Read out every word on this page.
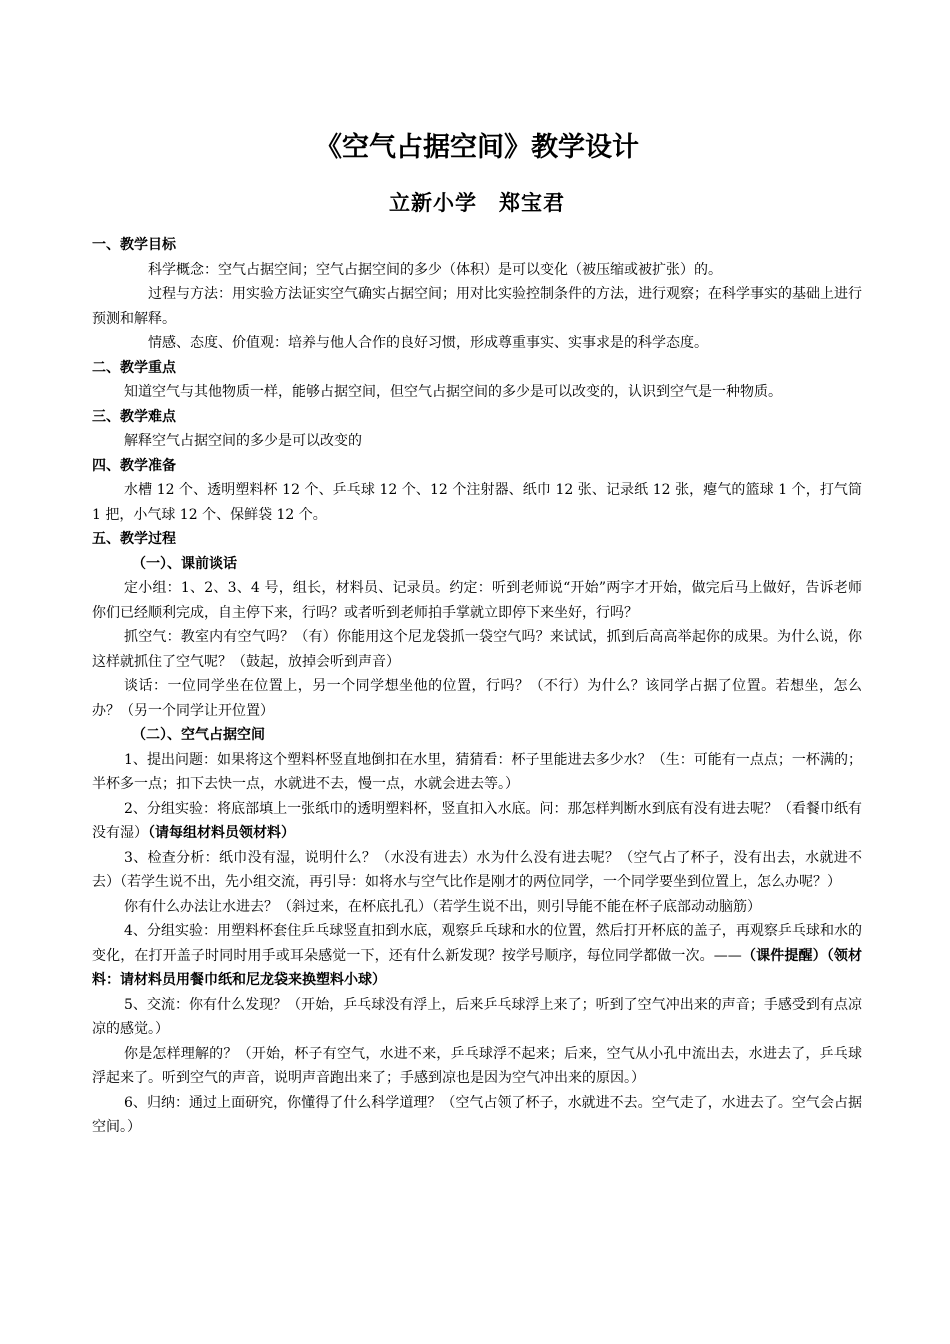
《空气占据空间》教学设计
立新小学　郑宝君
一、教学目标

科学概念：空气占据空间；空气占据空间的多少（体积）是可以变化（被压缩或被扩张）的。

过程与方法：用实验方法证实空气确实占据空间；用对比实验控制条件的方法，进行观察；在科学事实的基础上进行预测和解释。

情感、态度、价值观：培养与他人合作的良好习惯，形成尊重事实、实事求是的科学态度。

二、教学重点

知道空气与其他物质一样，能够占据空间，但空气占据空间的多少是可以改变的，认识到空气是一种物质。

三、教学难点

解释空气占据空间的多少是可以改变的

四、教学准备

水槽 12 个、透明塑料杯 12 个、乒乓球 12 个、12 个注射器、纸巾 12 张、记录纸 12 张，瘪气的篮球 1 个，打气筒 1 把，小气球 12 个、保鲜袋 12 个。

五、教学过程
（一）、课前谈话

定小组：1、2、3、4 号，组长，材料员、记录员。约定：听到老师说“开始”两字才开始，做完后马上做好，告诉老师你们已经顺利完成，自主停下来，行吗？或者听到老师拍手掌就立即停下来坐好，行吗？

抓空气：教室内有空气吗？（有）你能用这个尼龙袋抓一袋空气吗？来试试，抓到后高高举起你的成果。为什么说，你这样就抓住了空气呢？（鼓起，放掉会听到声音）

谈话：一位同学坐在位置上，另一个同学想坐他的位置，行吗？（不行）为什么？该同学占据了位置。若想坐，怎么办？（另一个同学让开位置）

（二）、空气占据空间

1、提出问题：如果将这个塑料杯竖直地倒扣在水里，猜猜看：杯子里能进去多少水？（生：可能有一点点；一杯满的；半杯多一点；扣下去快一点，水就进不去，慢一点，水就会进去等。）

2、分组实验：将底部填上一张纸巾的透明塑料杯，竖直扣入水底。问：那怎样判断水到底有没有进去呢？（看餐巾纸有没有湿）（请每组材料员领材料）

3、检查分析：纸巾没有湿，说明什么？（水没有进去）水为什么没有进去呢？（空气占了杯子，没有出去，水就进不去）（若学生说不出，先小组交流，再引导：如将水与空气比作是刚才的两位同学，一个同学要坐到位置上，怎么办呢？）

你有什么办法让水进去？（斜过来，在杯底扎孔）（若学生说不出，则引导能不能在杯子底部动动脑筋）

4、分组实验：用塑料杯套住乒乓球竖直扣到水底，观察乒乓球和水的位置，然后打开杯底的盖子，再观察乒乓球和水的变化，在打开盖子时同时用手或耳朵感觉一下，还有什么新发现？按学号顺序，每位同学都做一次。——（课件提醒）（领材料：请材料员用餐巾纸和尼龙袋来换塑料小球）

5、交流：你有什么发现？（开始，乒乓球没有浮上，后来乒乓球浮上来了；听到了空气冲出来的声音；手感受到有点凉凉的感觉。）

你是怎样理解的？（开始，杯子有空气，水进不来，乒乓球浮不起来；后来，空气从小孔中流出去，水进去了，乒乓球浮起来了。听到空气的声音，说明声音跑出来了；手感到凉也是因为空气冲出来的原因。）

6、归纳：通过上面研究，你懂得了什么科学道理？（空气占领了杯子，水就进不去。空气走了，水进去了。空气会占据空间。）
